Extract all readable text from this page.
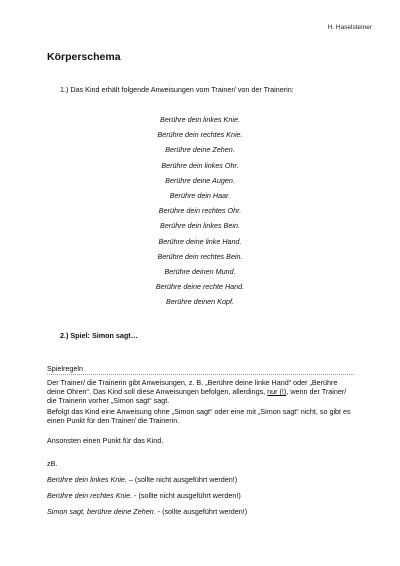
H. Haselsteiner
Körperschema
1.) Das Kind erhält folgende Anweisungen vom Trainer/ von der Trainerin:
Berühre dein linkes Knie.
Berühre dein rechtes Knie.
Berühre deine Zehen.
Berühre dein linkes Ohr.
Berühre deine Augen.
Berühre dein Haar.
Berühre dein rechtes Ohr.
Berühre dein linkes Bein.
Berühre deine linke Hand.
Berühre dein rechtes Bein.
Berühre deinen Mund.
Berühre deine rechte Hand.
Berühre deinen Kopf.
2.) Spiel: Simon sagt…
Spielregeln
Der Trainer/ die Trainerin gibt Anweisungen, z. B. „Berühre deine linke Hand“ oder „Berühre deine Ohren“. Das Kind soll diese Anweisungen befolgen, allerdings, nur (!), wenn der Trainer/ die Trainerin vorher „Simon sagt“ sagt.
Befolgt das Kind eine Anweisung ohne „Simon sagt“ oder eine mit „Simon sagt“ nicht, so gibt es einen Punkt für den Trainer/ die Trainerin.
Ansonsten einen Punkt für das Kind.
zB.
Berühre dein linkes Knie. – (sollte nicht ausgeführt werden!)
Berühre dein rechtes Knie. - (sollte nicht ausgeführt werden!)
Simon sagt, berühre deine Zehen. - (sollte ausgeführt werden!)
